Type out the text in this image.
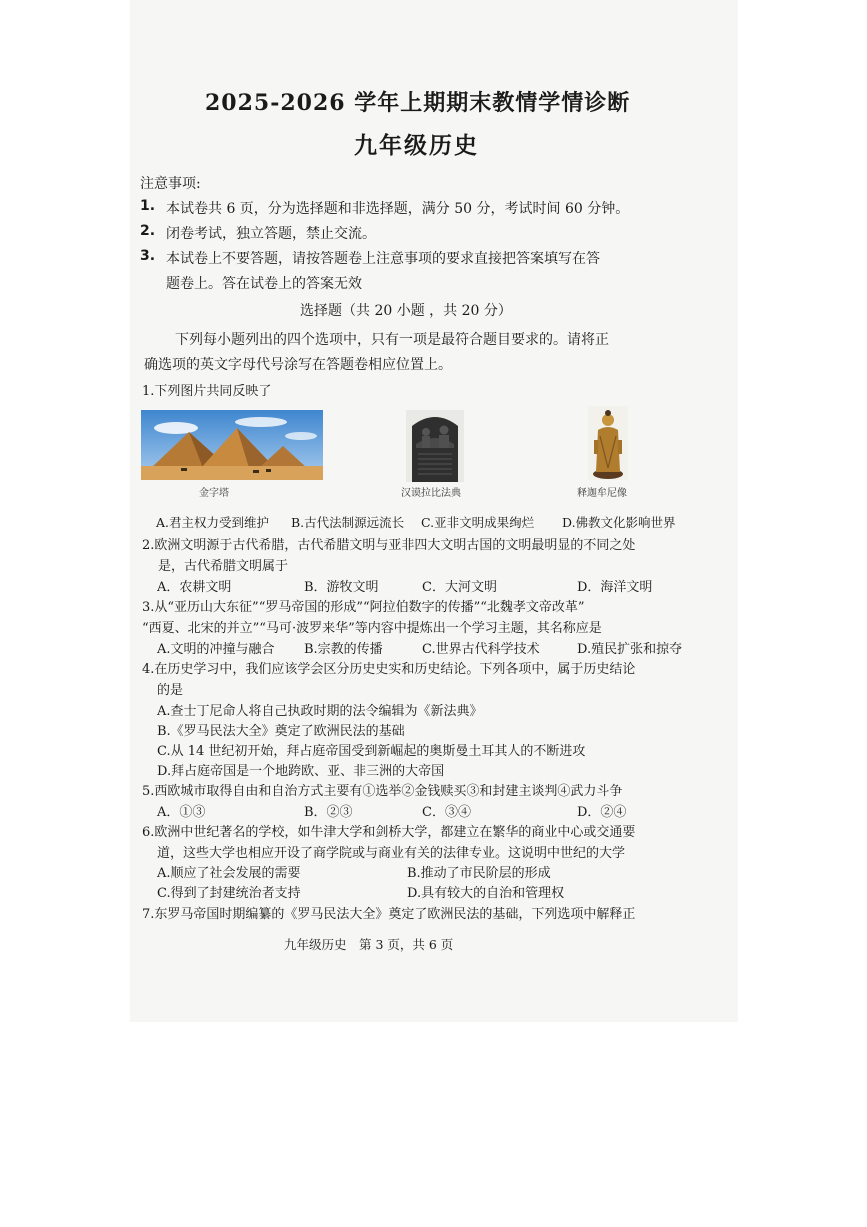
2025-2026 学年上期期末教情学情诊断
九年级历史
注意事项:
1. 本试卷共 6 页，分为选择题和非选择题，满分 50 分，考试时间 60 分钟。
2. 闭卷考试，独立答题，禁止交流。
3. 本试卷上不要答题，请按答题卷上注意事项的要求直接把答案填写在答
题卷上。答在试卷上的答案无效
选择题（共 20 小题 ，共 20 分）
下列每小题列出的四个选项中，只有一项是最符合题目要求的。请将正
确选项的英文字母代号涂写在答题卷相应位置上。
1.下列图片共同反映了
金字塔	汉谟拉比法典	释迦牟尼像
A.君主权力受到维护 B.古代法制源远流长 C.亚非文明成果绚烂 D.佛教文化影响世界
2.欧洲文明源于古代希腊，古代希腊文明与亚非四大文明古国的文明最明显的不同之处
是，古代希腊文明属于
A．农耕文明	B．游牧文明	C．大河文明	D．海洋文明
3.从“亚历山大东征”“罗马帝国的形成”“阿拉伯数字的传播”“北魏孝文帝改革”
“西夏、北宋的并立”“马可·波罗来华”等内容中提炼出一个学习主题，其名称应是
A.文明的冲撞与融合 B.宗教的传播	C.世界古代科学技术	D.殖民扩张和掠夺
4.在历史学习中，我们应该学会区分历史史实和历史结论。下列各项中，属于历史结论
的是
A.查士丁尼命人将自己执政时期的法令编辑为《新法典》
B.《罗马民法大全》奠定了欧洲民法的基础
C.从 14 世纪初开始，拜占庭帝国受到新崛起的奥斯曼土耳其人的不断进攻
D.拜占庭帝国是一个地跨欧、亚、非三洲的大帝国
5.西欧城市取得自由和自治方式主要有①选举②金钱赎买③和封建主谈判④武力斗争
A．①③	B．②③	C．③④	D．②④
6.欧洲中世纪著名的学校，如牛津大学和剑桥大学，都建立在繁华的商业中心或交通要
道，这些大学也相应开设了商学院或与商业有关的法律专业。这说明中世纪的大学
A.顺应了社会发展的需要	B.推动了市民阶层的形成
C.得到了封建统治者支持	D.具有较大的自治和管理权
7.东罗马帝国时期编纂的《罗马民法大全》奠定了欧洲民法的基础，下列选项中解释正
九年级历史　第 3 页，共 6 页
